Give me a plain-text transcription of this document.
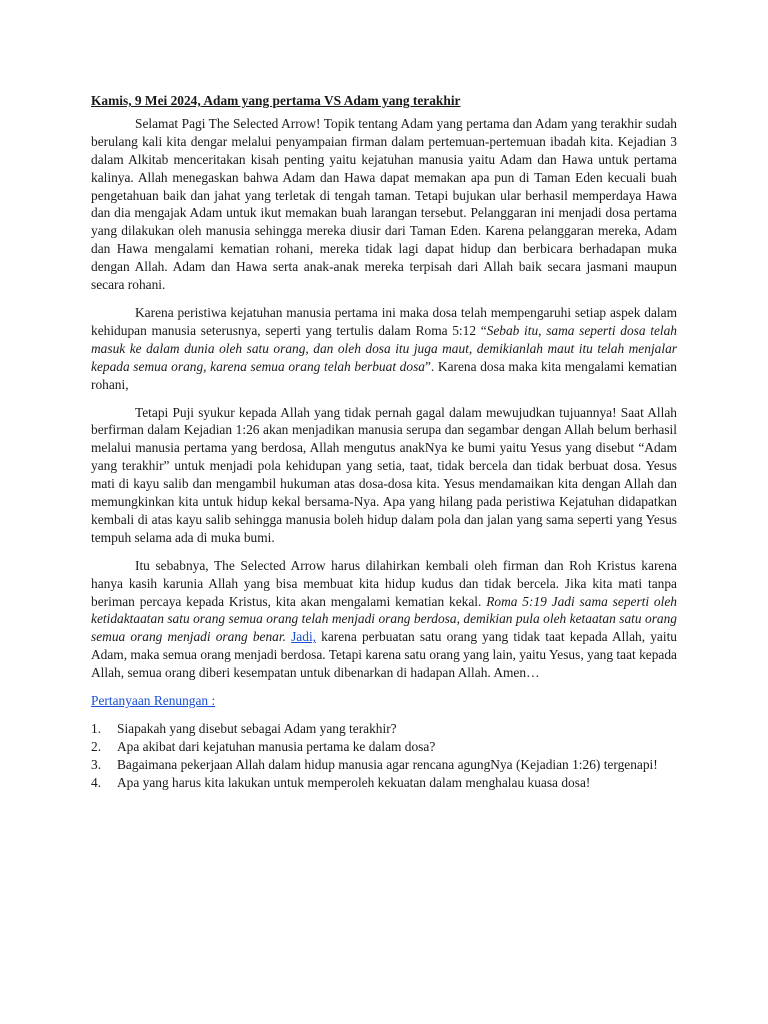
Kamis, 9 Mei 2024, Adam yang pertama VS Adam yang terakhir

Selamat Pagi The Selected Arrow! Topik tentang Adam yang pertama dan Adam yang terakhir sudah berulang kali kita dengar melalui penyampaian firman dalam pertemuan-pertemuan ibadah kita. Kejadian 3 dalam Alkitab menceritakan kisah penting yaitu kejatuhan manusia yaitu Adam dan Hawa untuk pertama kalinya. Allah menegaskan bahwa Adam dan Hawa dapat memakan apa pun di Taman Eden kecuali buah pengetahuan baik dan jahat yang terletak di tengah taman. Tetapi bujukan ular berhasil memperdaya Hawa dan dia mengajak Adam untuk ikut memakan buah larangan tersebut. Pelanggaran ini menjadi dosa pertama yang dilakukan oleh manusia sehingga mereka diusir dari Taman Eden. Karena pelanggaran mereka, Adam dan Hawa mengalami kematian rohani, mereka tidak lagi dapat hidup dan berbicara berhadapan muka dengan Allah. Adam dan Hawa serta anak-anak mereka terpisah dari Allah baik secara jasmani maupun secara rohani.

Karena peristiwa kejatuhan manusia pertama ini maka dosa telah mempengaruhi setiap aspek dalam kehidupan manusia seterusnya, seperti yang tertulis dalam Roma 5:12 “Sebab itu, sama seperti dosa telah masuk ke dalam dunia oleh satu orang, dan oleh dosa itu juga maut, demikianlah maut itu telah menjalar kepada semua orang, karena semua orang telah berbuat dosa”. Karena dosa maka kita mengalami kematian rohani,

Tetapi Puji syukur kepada Allah yang tidak pernah gagal dalam mewujudkan tujuannya! Saat Allah berfirman dalam Kejadian 1:26 akan menjadikan manusia serupa dan segambar dengan Allah belum berhasil melalui manusia pertama yang berdosa, Allah mengutus anakNya ke bumi yaitu Yesus yang disebut “Adam yang terakhir” untuk menjadi pola kehidupan yang setia, taat, tidak bercela dan tidak berbuat dosa. Yesus mati di kayu salib dan mengambil hukuman atas dosa-dosa kita. Yesus mendamaikan kita dengan Allah dan memungkinkan kita untuk hidup kekal bersama-Nya. Apa yang hilang pada peristiwa Kejatuhan didapatkan kembali di atas kayu salib sehingga manusia boleh hidup dalam pola dan jalan yang sama seperti yang Yesus tempuh selama ada di muka bumi.

Itu sebabnya, The Selected Arrow harus dilahirkan kembali oleh firman dan Roh Kristus karena hanya kasih karunia Allah yang bisa membuat kita hidup kudus dan tidak bercela. Jika kita mati tanpa beriman percaya kepada Kristus, kita akan mengalami kematian kekal. Roma 5:19 Jadi sama seperti oleh ketidaktaatan satu orang semua orang telah menjadi orang berdosa, demikian pula oleh ketaatan satu orang semua orang menjadi orang benar. Jadi, karena perbuatan satu orang yang tidak taat kepada Allah, yaitu Adam, maka semua orang menjadi berdosa. Tetapi karena satu orang yang lain, yaitu Yesus, yang taat kepada Allah, semua orang diberi kesempatan untuk dibenarkan di hadapan Allah. Amen…

Pertanyaan Renungan :
1.	Siapakah yang disebut sebagai Adam yang terakhir?
2.	Apa akibat dari kejatuhan manusia pertama ke dalam dosa?
3.	Bagaimana pekerjaan Allah dalam hidup manusia agar rencana agungNya (Kejadian 1:26) tergenapi!
4.	Apa yang harus kita lakukan untuk memperoleh kekuatan dalam menghalau kuasa dosa!
